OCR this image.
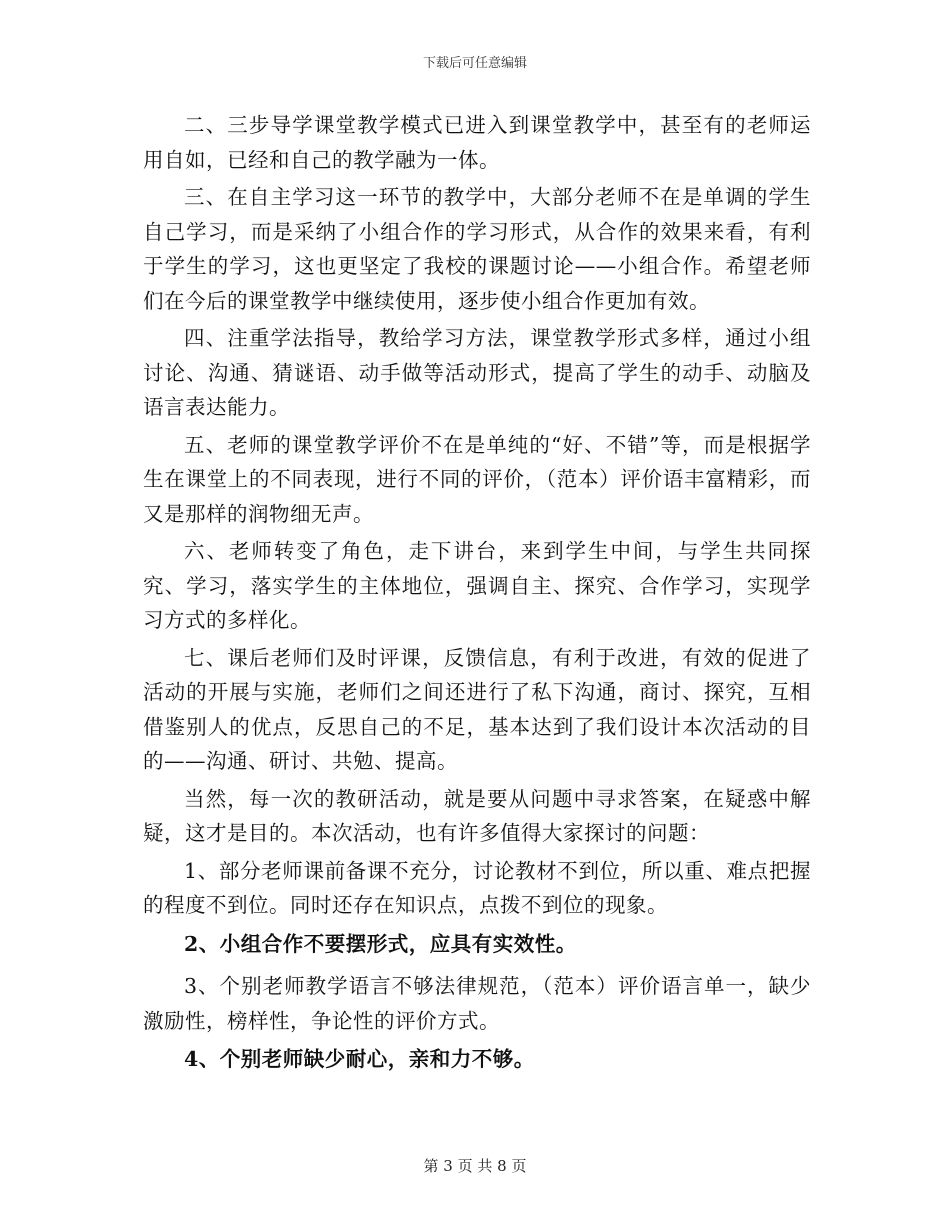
下载后可任意编辑

二、三步导学课堂教学模式已进入到课堂教学中，甚至有的老师运用自如，已经和自己的教学融为一体。

三、在自主学习这一环节的教学中，大部分老师不在是单调的学生自己学习，而是采纳了小组合作的学习形式，从合作的效果来看，有利于学生的学习，这也更坚定了我校的课题讨论——小组合作。希望老师们在今后的课堂教学中继续使用，逐步使小组合作更加有效。

四、注重学法指导，教给学习方法，课堂教学形式多样，通过小组讨论、沟通、猜谜语、动手做等活动形式，提高了学生的动手、动脑及语言表达能力。

五、老师的课堂教学评价不在是单纯的“好、不错”等，而是根据学生在课堂上的不同表现，进行不同的评价，（范本）评价语丰富精彩，而又是那样的润物细无声。

六、老师转变了角色，走下讲台，来到学生中间，与学生共同探究、学习，落实学生的主体地位，强调自主、探究、合作学习，实现学习方式的多样化。

七、课后老师们及时评课，反馈信息，有利于改进，有效的促进了活动的开展与实施，老师们之间还进行了私下沟通，商讨、探究，互相借鉴别人的优点，反思自己的不足，基本达到了我们设计本次活动的目的——沟通、研讨、共勉、提高。

当然，每一次的教研活动，就是要从问题中寻求答案，在疑惑中解疑，这才是目的。本次活动，也有许多值得大家探讨的问题：

1、部分老师课前备课不充分，讨论教材不到位，所以重、难点把握的程度不到位。同时还存在知识点，点拨不到位的现象。

2、小组合作不要摆形式，应具有实效性。

3、个别老师教学语言不够法律规范，（范本）评价语言单一，缺少激励性，榜样性，争论性的评价方式。

4、个别老师缺少耐心，亲和力不够。

第 3 页 共 8 页
